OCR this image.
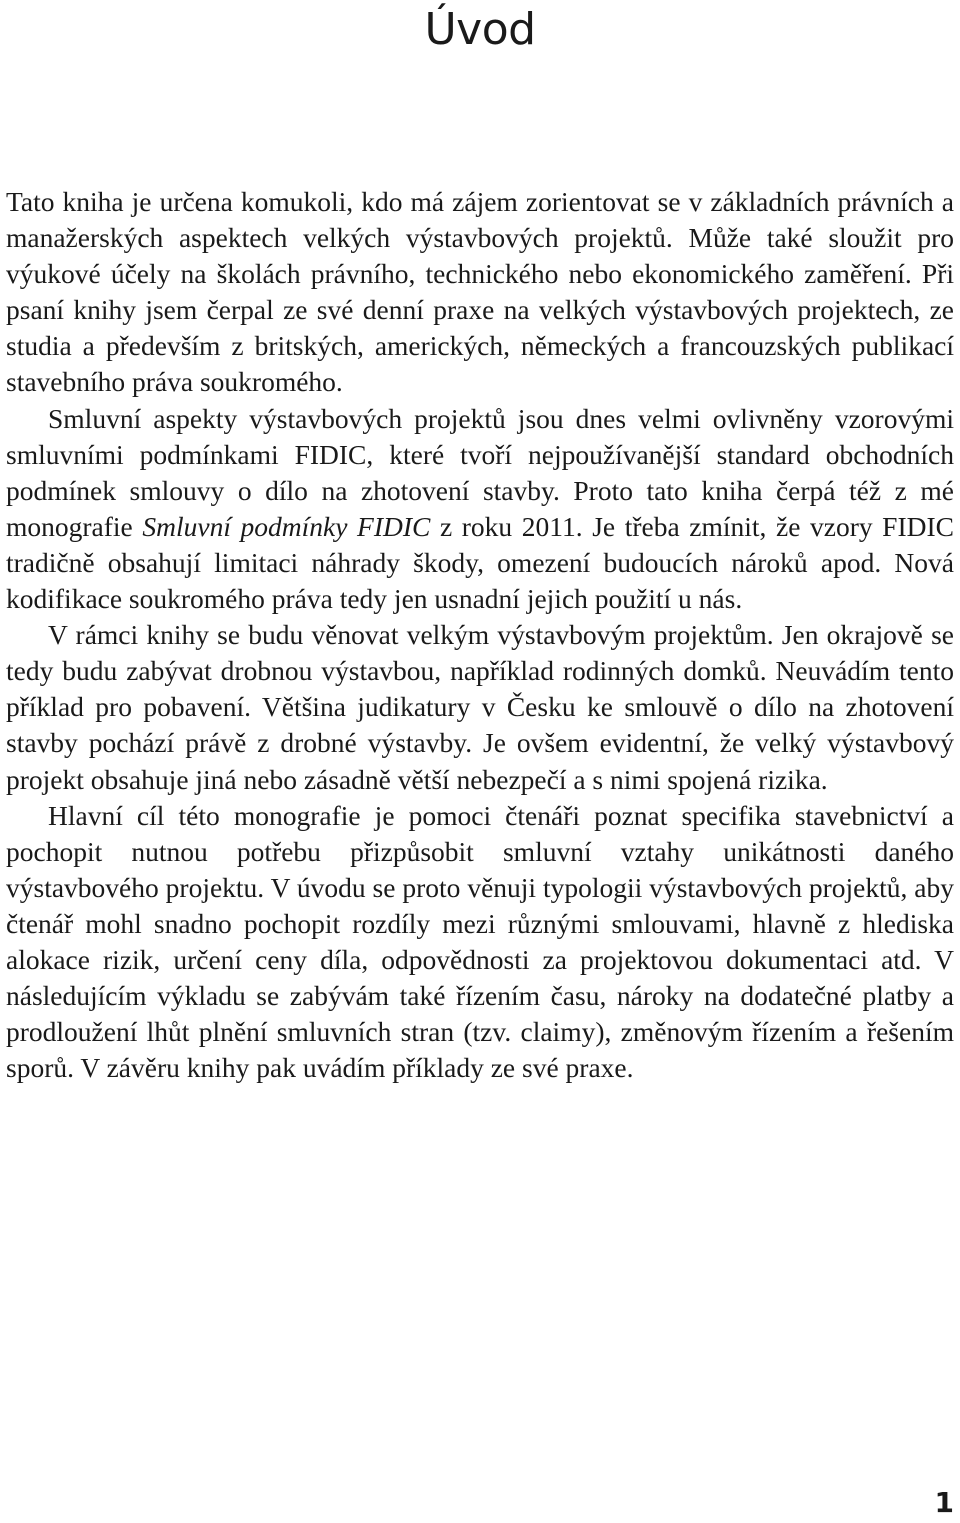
Úvod

Tato kniha je určena komukoli, kdo má zájem zorientovat se v základních právních a manažerských aspektech velkých výstavbových projektů. Může také sloužit pro výukové účely na školách právního, technického nebo ekonomického zaměření. Při psaní knihy jsem čerpal ze své denní praxe na velkých výstavbových projektech, ze studia a především z britských, amerických, německých a francouzských publikací stavebního práva soukromého.

Smluvní aspekty výstavbových projektů jsou dnes velmi ovlivněny vzorovými smluvními podmínkami FIDIC, které tvoří nejpoužívanější standard obchodních podmínek smlouvy o dílo na zhotovení stavby. Proto tato kniha čerpá též z mé monografie Smluvní podmínky FIDIC z roku 2011. Je třeba zmínit, že vzory FIDIC tradičně obsahují limitaci náhrady škody, omezení budoucích nároků apod. Nová kodifikace soukromého práva tedy jen usnadní jejich použití u nás.

V rámci knihy se budu věnovat velkým výstavbovým projektům. Jen okrajově se tedy budu zabývat drobnou výstavbou, například rodinných domků. Neuvádím tento příklad pro pobavení. Většina judikatury v Česku ke smlouvě o dílo na zhotovení stavby pochází právě z drobné výstavby. Je ovšem evidentní, že velký výstavbový projekt obsahuje jiná nebo zásadně větší nebezpečí a s nimi spojená rizika.

Hlavní cíl této monografie je pomoci čtenáři poznat specifika stavebnictví a pochopit nutnou potřebu přizpůsobit smluvní vztahy unikátnosti daného výstavbového projektu. V úvodu se proto věnuji typologii výstavbových projektů, aby čtenář mohl snadno pochopit rozdíly mezi různými smlouvami, hlavně z hlediska alokace rizik, určení ceny díla, odpovědnosti za projektovou dokumentaci atd. V následujícím výkladu se zabývám také řízením času, nároky na dodatečné platby a prodloužení lhůt plnění smluvních stran (tzv. claimy), změnovým řízením a řešením sporů. V závěru knihy pak uvádím příklady ze své praxe.

1
